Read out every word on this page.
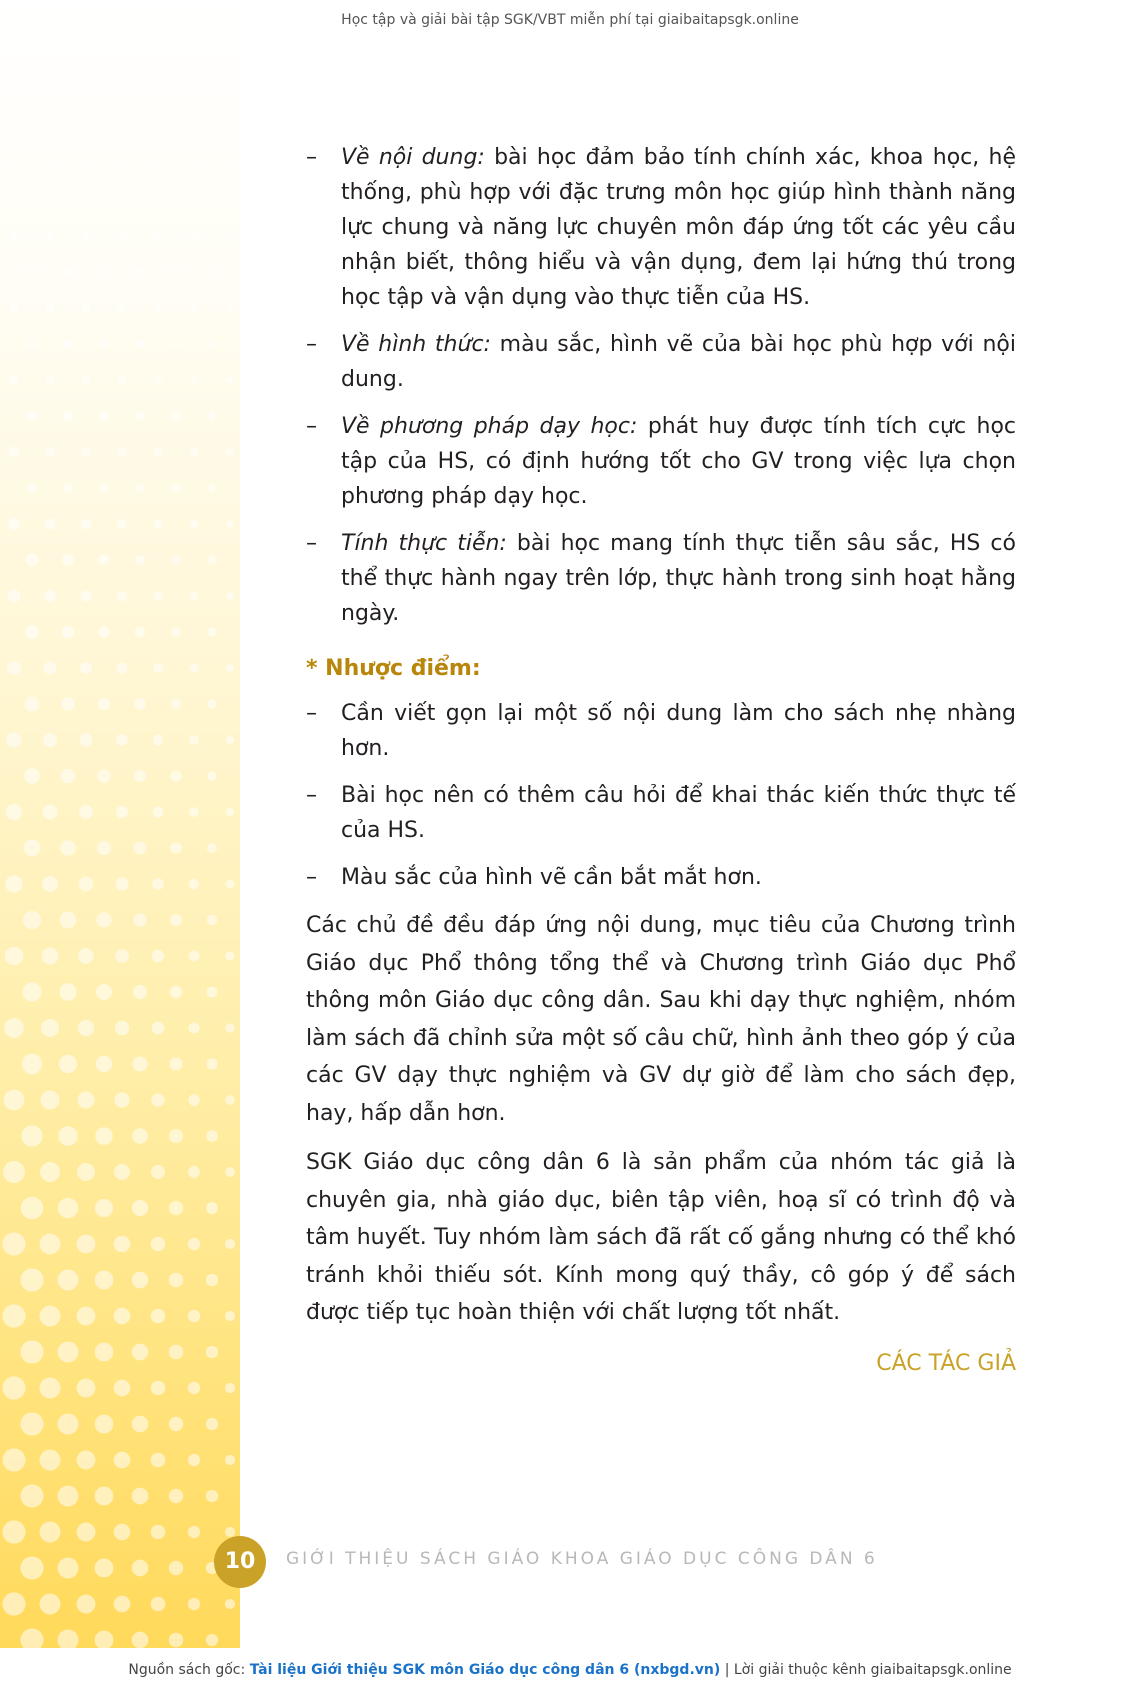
Học tập và giải bài tập SGK/VBT miễn phí tại giaibaitapsgk.online
– Về nội dung: bài học đảm bảo tính chính xác, khoa học, hệ thống, phù hợp với đặc trưng môn học giúp hình thành năng lực chung và năng lực chuyên môn đáp ứng tốt các yêu cầu nhận biết, thông hiểu và vận dụng, đem lại hứng thú trong học tập và vận dụng vào thực tiễn của HS.
– Về hình thức: màu sắc, hình vẽ của bài học phù hợp với nội dung.
– Về phương pháp dạy học: phát huy được tính tích cực học tập của HS, có định hướng tốt cho GV trong việc lựa chọn phương pháp dạy học.
– Tính thực tiễn: bài học mang tính thực tiễn sâu sắc, HS có thể thực hành ngay trên lớp, thực hành trong sinh hoạt hằng ngày.
* Nhược điểm:
– Cần viết gọn lại một số nội dung làm cho sách nhẹ nhàng hơn.
– Bài học nên có thêm câu hỏi để khai thác kiến thức thực tế của HS.
– Màu sắc của hình vẽ cần bắt mắt hơn.

Các chủ đề đều đáp ứng nội dung, mục tiêu của Chương trình Giáo dục Phổ thông tổng thể và Chương trình Giáo dục Phổ thông môn Giáo dục công dân. Sau khi dạy thực nghiệm, nhóm làm sách đã chỉnh sửa một số câu chữ, hình ảnh theo góp ý của các GV dạy thực nghiệm và GV dự giờ để làm cho sách đẹp, hay, hấp dẫn hơn.

SGK Giáo dục công dân 6 là sản phẩm của nhóm tác giả là chuyên gia, nhà giáo dục, biên tập viên, hoạ sĩ có trình độ và tâm huyết. Tuy nhóm làm sách đã rất cố gắng nhưng có thể khó tránh khỏi thiếu sót. Kính mong quý thầy, cô góp ý để sách được tiếp tục hoàn thiện với chất lượng tốt nhất.

CÁC TÁC GIẢ
10	GIỚI THIỆU SÁCH GIÁO KHOA GIÁO DỤC CÔNG DÂN 6
Nguồn sách gốc: Tài liệu Giới thiệu SGK môn Giáo dục công dân 6 (nxbgd.vn) | Lời giải thuộc kênh giaibaitapsgk.online
